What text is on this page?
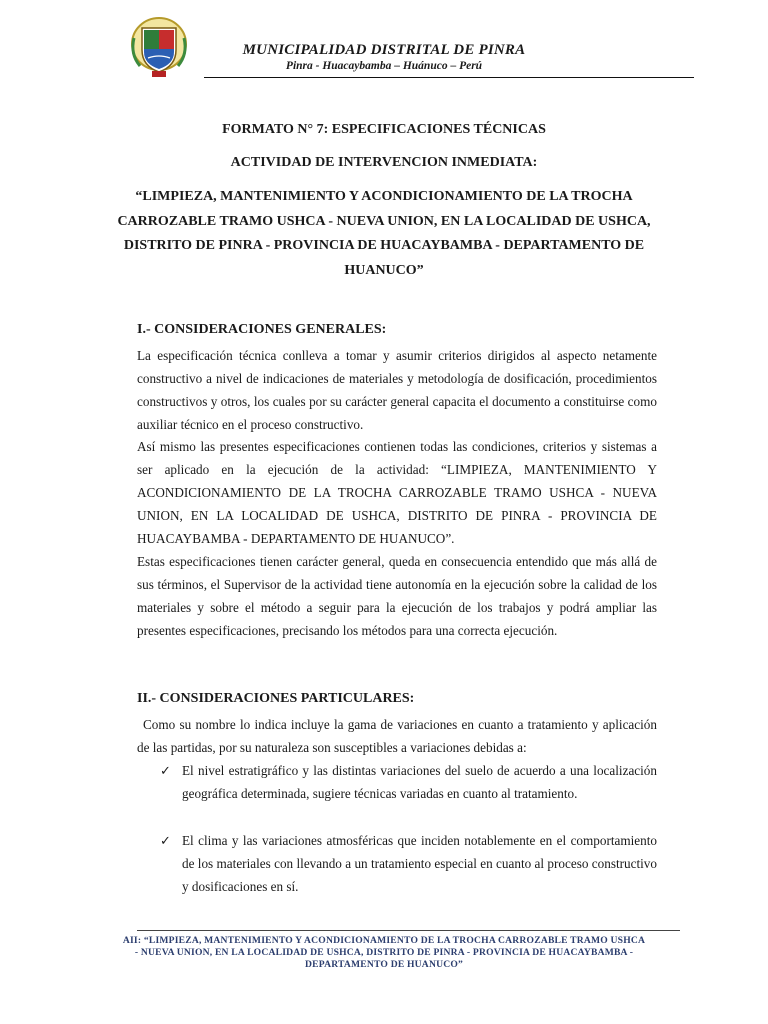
MUNICIPALIDAD DISTRITAL DE PINRA
Pinra - Huacaybamba – Huánuco – Perú
FORMATO N° 7: ESPECIFICACIONES TÉCNICAS
ACTIVIDAD DE INTERVENCION INMEDIATA:
“LIMPIEZA, MANTENIMIENTO Y ACONDICIONAMIENTO DE LA TROCHA CARROZABLE TRAMO USHCA - NUEVA UNION, EN LA LOCALIDAD DE USHCA, DISTRITO DE PINRA - PROVINCIA DE HUACAYBAMBA - DEPARTAMENTO DE HUANUCO”
I.- CONSIDERACIONES GENERALES:
La especificación técnica conlleva a tomar y asumir criterios dirigidos al aspecto netamente constructivo a nivel de indicaciones de materiales y metodología de dosificación, procedimientos constructivos y otros, los cuales por su carácter general capacita el documento a constituirse como auxiliar técnico en el proceso constructivo.
Así mismo las presentes especificaciones contienen todas las condiciones, criterios y sistemas a ser aplicado en la ejecución de la actividad: “LIMPIEZA, MANTENIMIENTO Y ACONDICIONAMIENTO DE LA TROCHA CARROZABLE TRAMO USHCA - NUEVA UNION, EN LA LOCALIDAD DE USHCA, DISTRITO DE PINRA - PROVINCIA DE HUACAYBAMBA - DEPARTAMENTO DE HUANUCO”.
Estas especificaciones tienen carácter general, queda en consecuencia entendido que más allá de sus términos, el Supervisor de la actividad tiene autonomía en la ejecución sobre la calidad de los materiales y sobre el método a seguir para la ejecución de los trabajos y podrá ampliar las presentes especificaciones, precisando los métodos para una correcta ejecución.
II.- CONSIDERACIONES PARTICULARES:
Como su nombre lo indica incluye la gama de variaciones en cuanto a tratamiento y aplicación de las partidas, por su naturaleza son susceptibles a variaciones debidas a:
✓ El nivel estratigráfico y las distintas variaciones del suelo de acuerdo a una localización geográfica determinada, sugiere técnicas variadas en cuanto al tratamiento.
✓ El clima y las variaciones atmosféricas que inciden notablemente en el comportamiento de los materiales con llevando a un tratamiento especial en cuanto al proceso constructivo y dosificaciones en sí.
AII: “LIMPIEZA, MANTENIMIENTO Y ACONDICIONAMIENTO DE LA TROCHA CARROZABLE TRAMO USHCA
- NUEVA UNION, EN LA LOCALIDAD DE USHCA, DISTRITO DE PINRA - PROVINCIA DE HUACAYBAMBA -
DEPARTAMENTO DE HUANUCO”
